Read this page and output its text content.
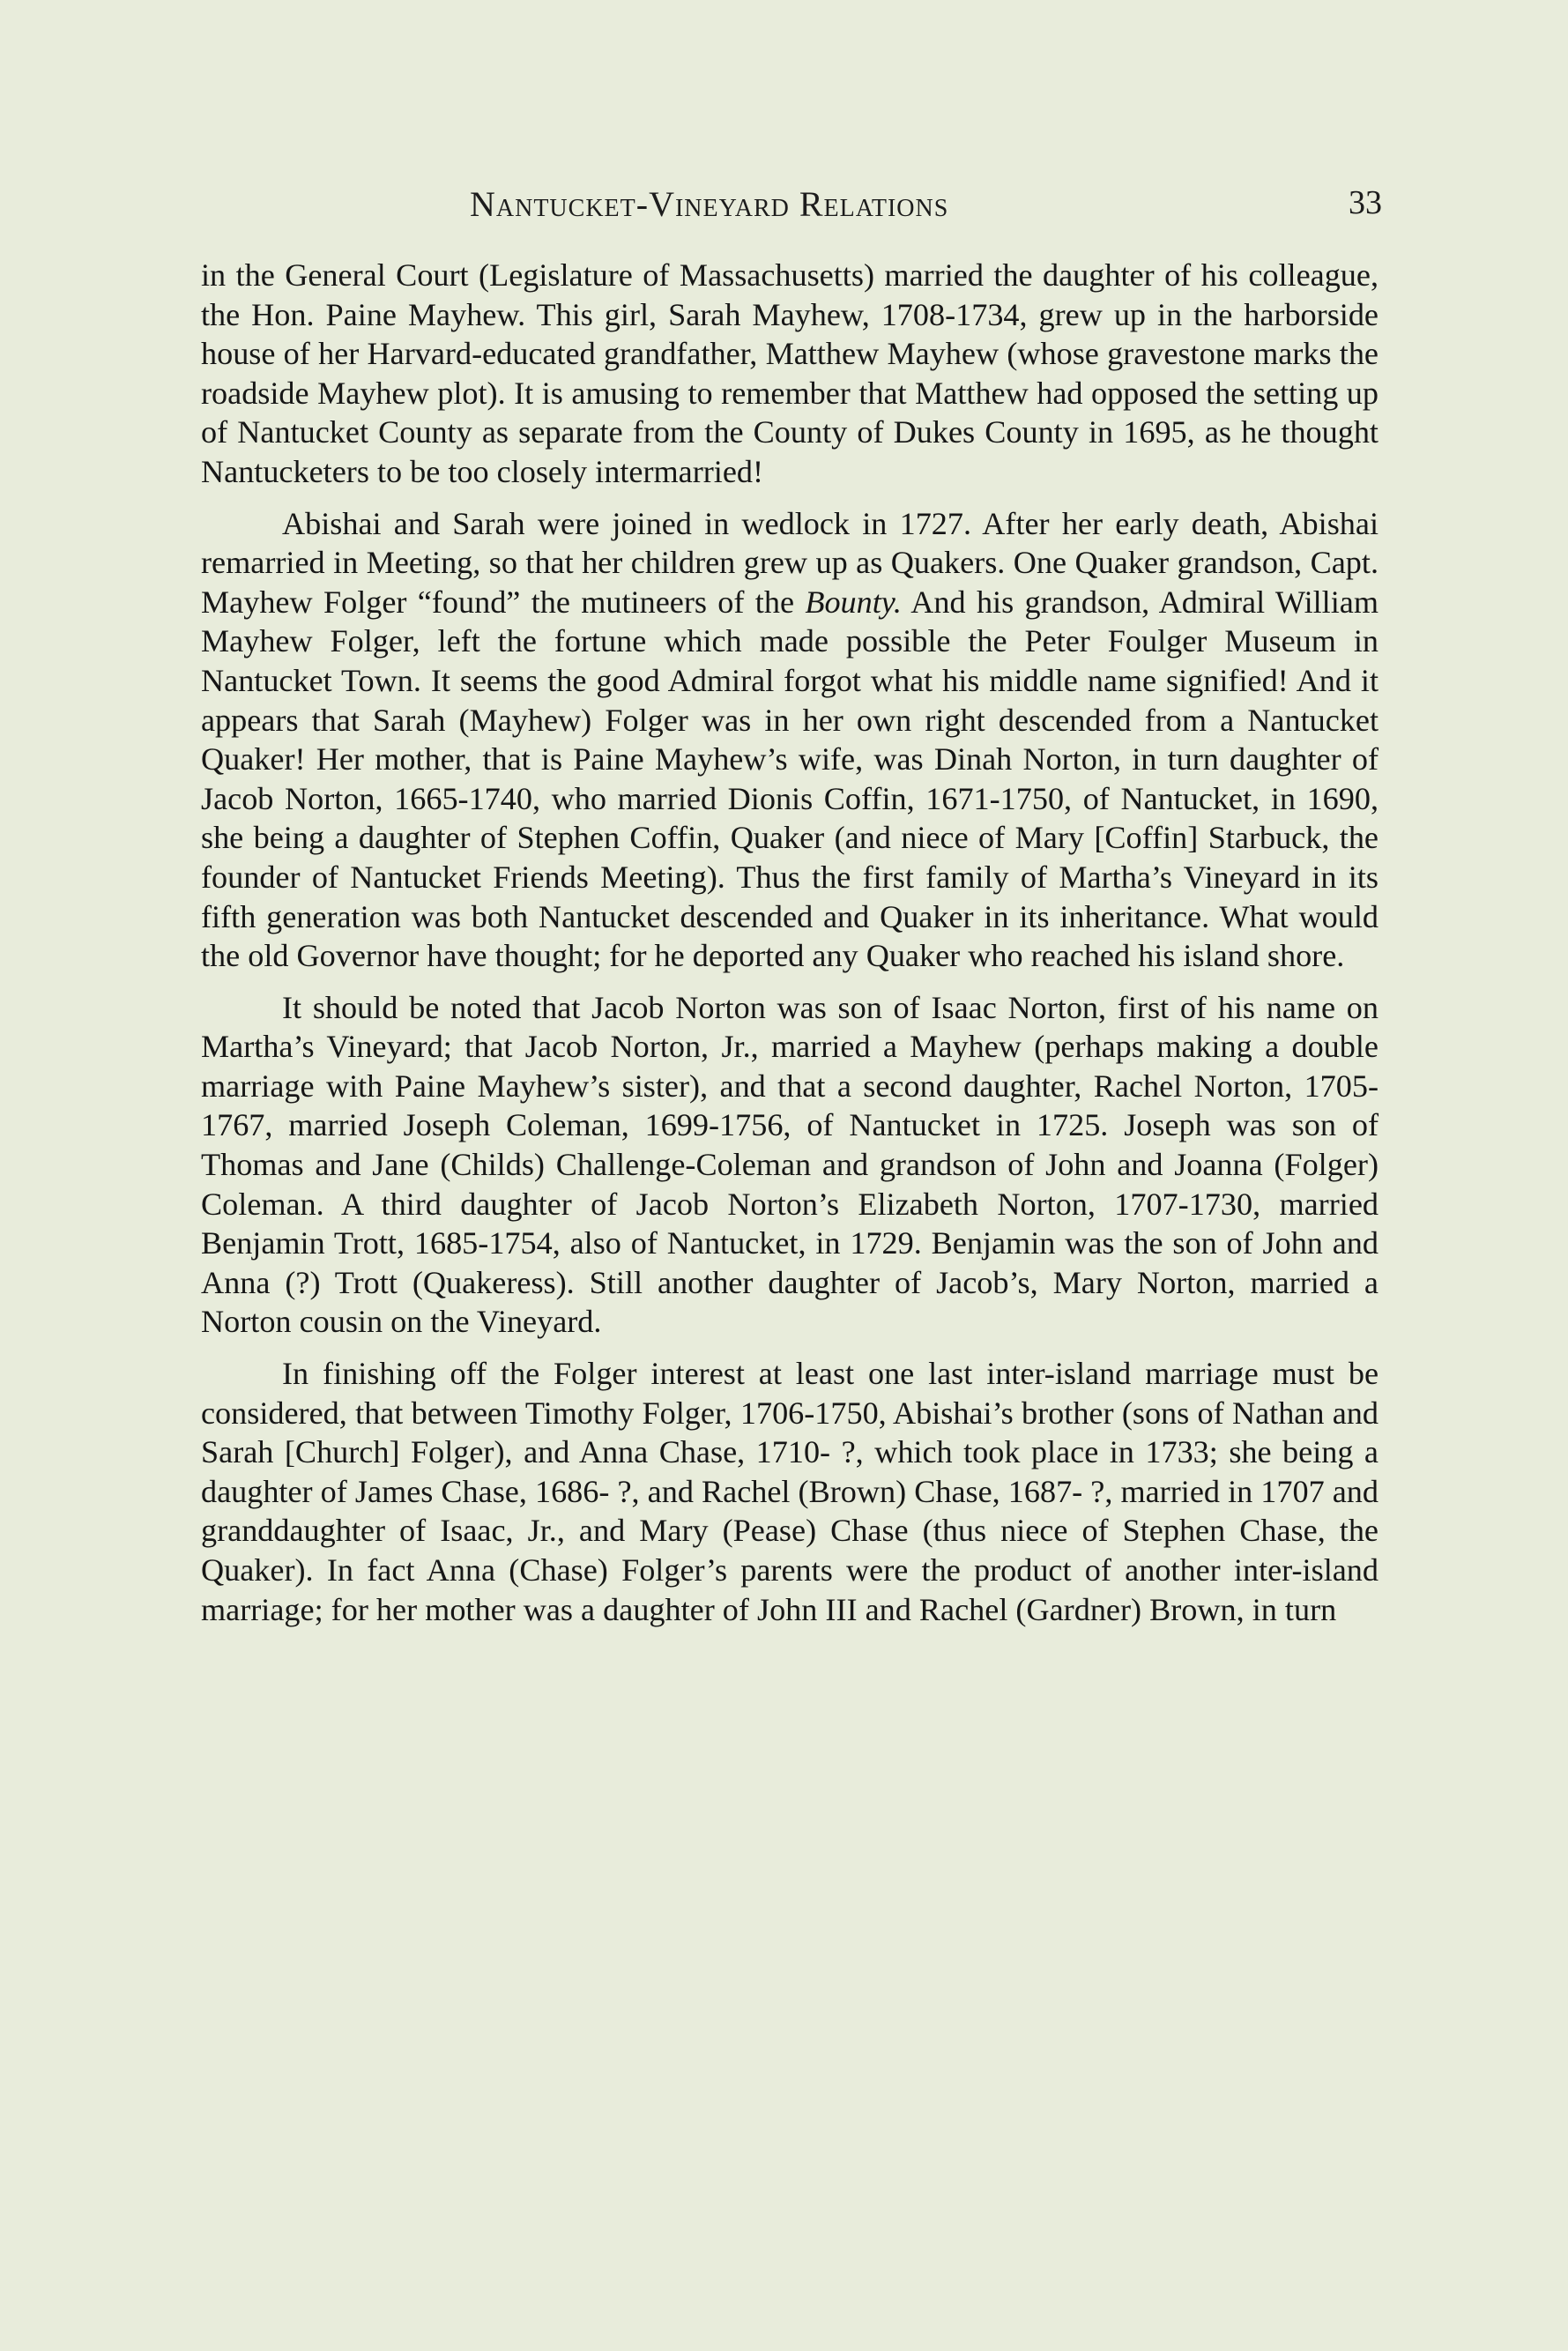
Nantucket-Vineyard Relations	33

in the General Court (Legislature of Massachusetts) married the daughter of his colleague, the Hon. Paine Mayhew. This girl, Sarah Mayhew, 1708-1734, grew up in the harborside house of her Harvard-educated grandfather, Matthew Mayhew (whose gravestone marks the roadside Mayhew plot). It is amusing to remember that Matthew had opposed the setting up of Nantucket County as separate from the County of Dukes County in 1695, as he thought Nantucketers to be too closely intermarried!

Abishai and Sarah were joined in wedlock in 1727. After her early death, Abishai remarried in Meeting, so that her children grew up as Quakers. One Quaker grandson, Capt. Mayhew Folger “found” the mutineers of the Bounty. And his grandson, Admiral William Mayhew Folger, left the fortune which made possible the Peter Foulger Museum in Nantucket Town. It seems the good Admiral forgot what his middle name signified! And it appears that Sarah (Mayhew) Folger was in her own right descended from a Nantucket Quaker! Her mother, that is Paine Mayhew’s wife, was Dinah Norton, in turn daughter of Jacob Norton, 1665-1740, who married Dionis Coffin, 1671-1750, of Nantucket, in 1690, she being a daughter of Stephen Coffin, Quaker (and niece of Mary [Coffin] Starbuck, the founder of Nantucket Friends Meeting). Thus the first family of Martha’s Vineyard in its fifth generation was both Nantucket descended and Quaker in its inheritance. What would the old Governor have thought; for he deported any Quaker who reached his island shore.

It should be noted that Jacob Norton was son of Isaac Norton, first of his name on Martha’s Vineyard; that Jacob Norton, Jr., married a Mayhew (perhaps making a double marriage with Paine Mayhew’s sister), and that a second daughter, Rachel Norton, 1705-1767, married Joseph Coleman, 1699-1756, of Nantucket in 1725. Joseph was son of Thomas and Jane (Childs) Challenge-Coleman and grandson of John and Joanna (Folger) Coleman. A third daughter of Jacob Norton’s Elizabeth Norton, 1707-1730, married Benjamin Trott, 1685-1754, also of Nantucket, in 1729. Benjamin was the son of John and Anna (?) Trott (Quakeress). Still another daughter of Jacob’s, Mary Norton, married a Norton cousin on the Vineyard.

In finishing off the Folger interest at least one last inter-island marriage must be considered, that between Timothy Folger, 1706-1750, Abishai’s brother (sons of Nathan and Sarah [Church] Folger), and Anna Chase, 1710- ?, which took place in 1733; she being a daughter of James Chase, 1686- ?, and Rachel (Brown) Chase, 1687- ?, married in 1707 and granddaughter of Isaac, Jr., and Mary (Pease) Chase (thus niece of Stephen Chase, the Quaker). In fact Anna (Chase) Folger’s parents were the product of another inter-island marriage; for her mother was a daughter of John III and Rachel (Gardner) Brown, in turn
